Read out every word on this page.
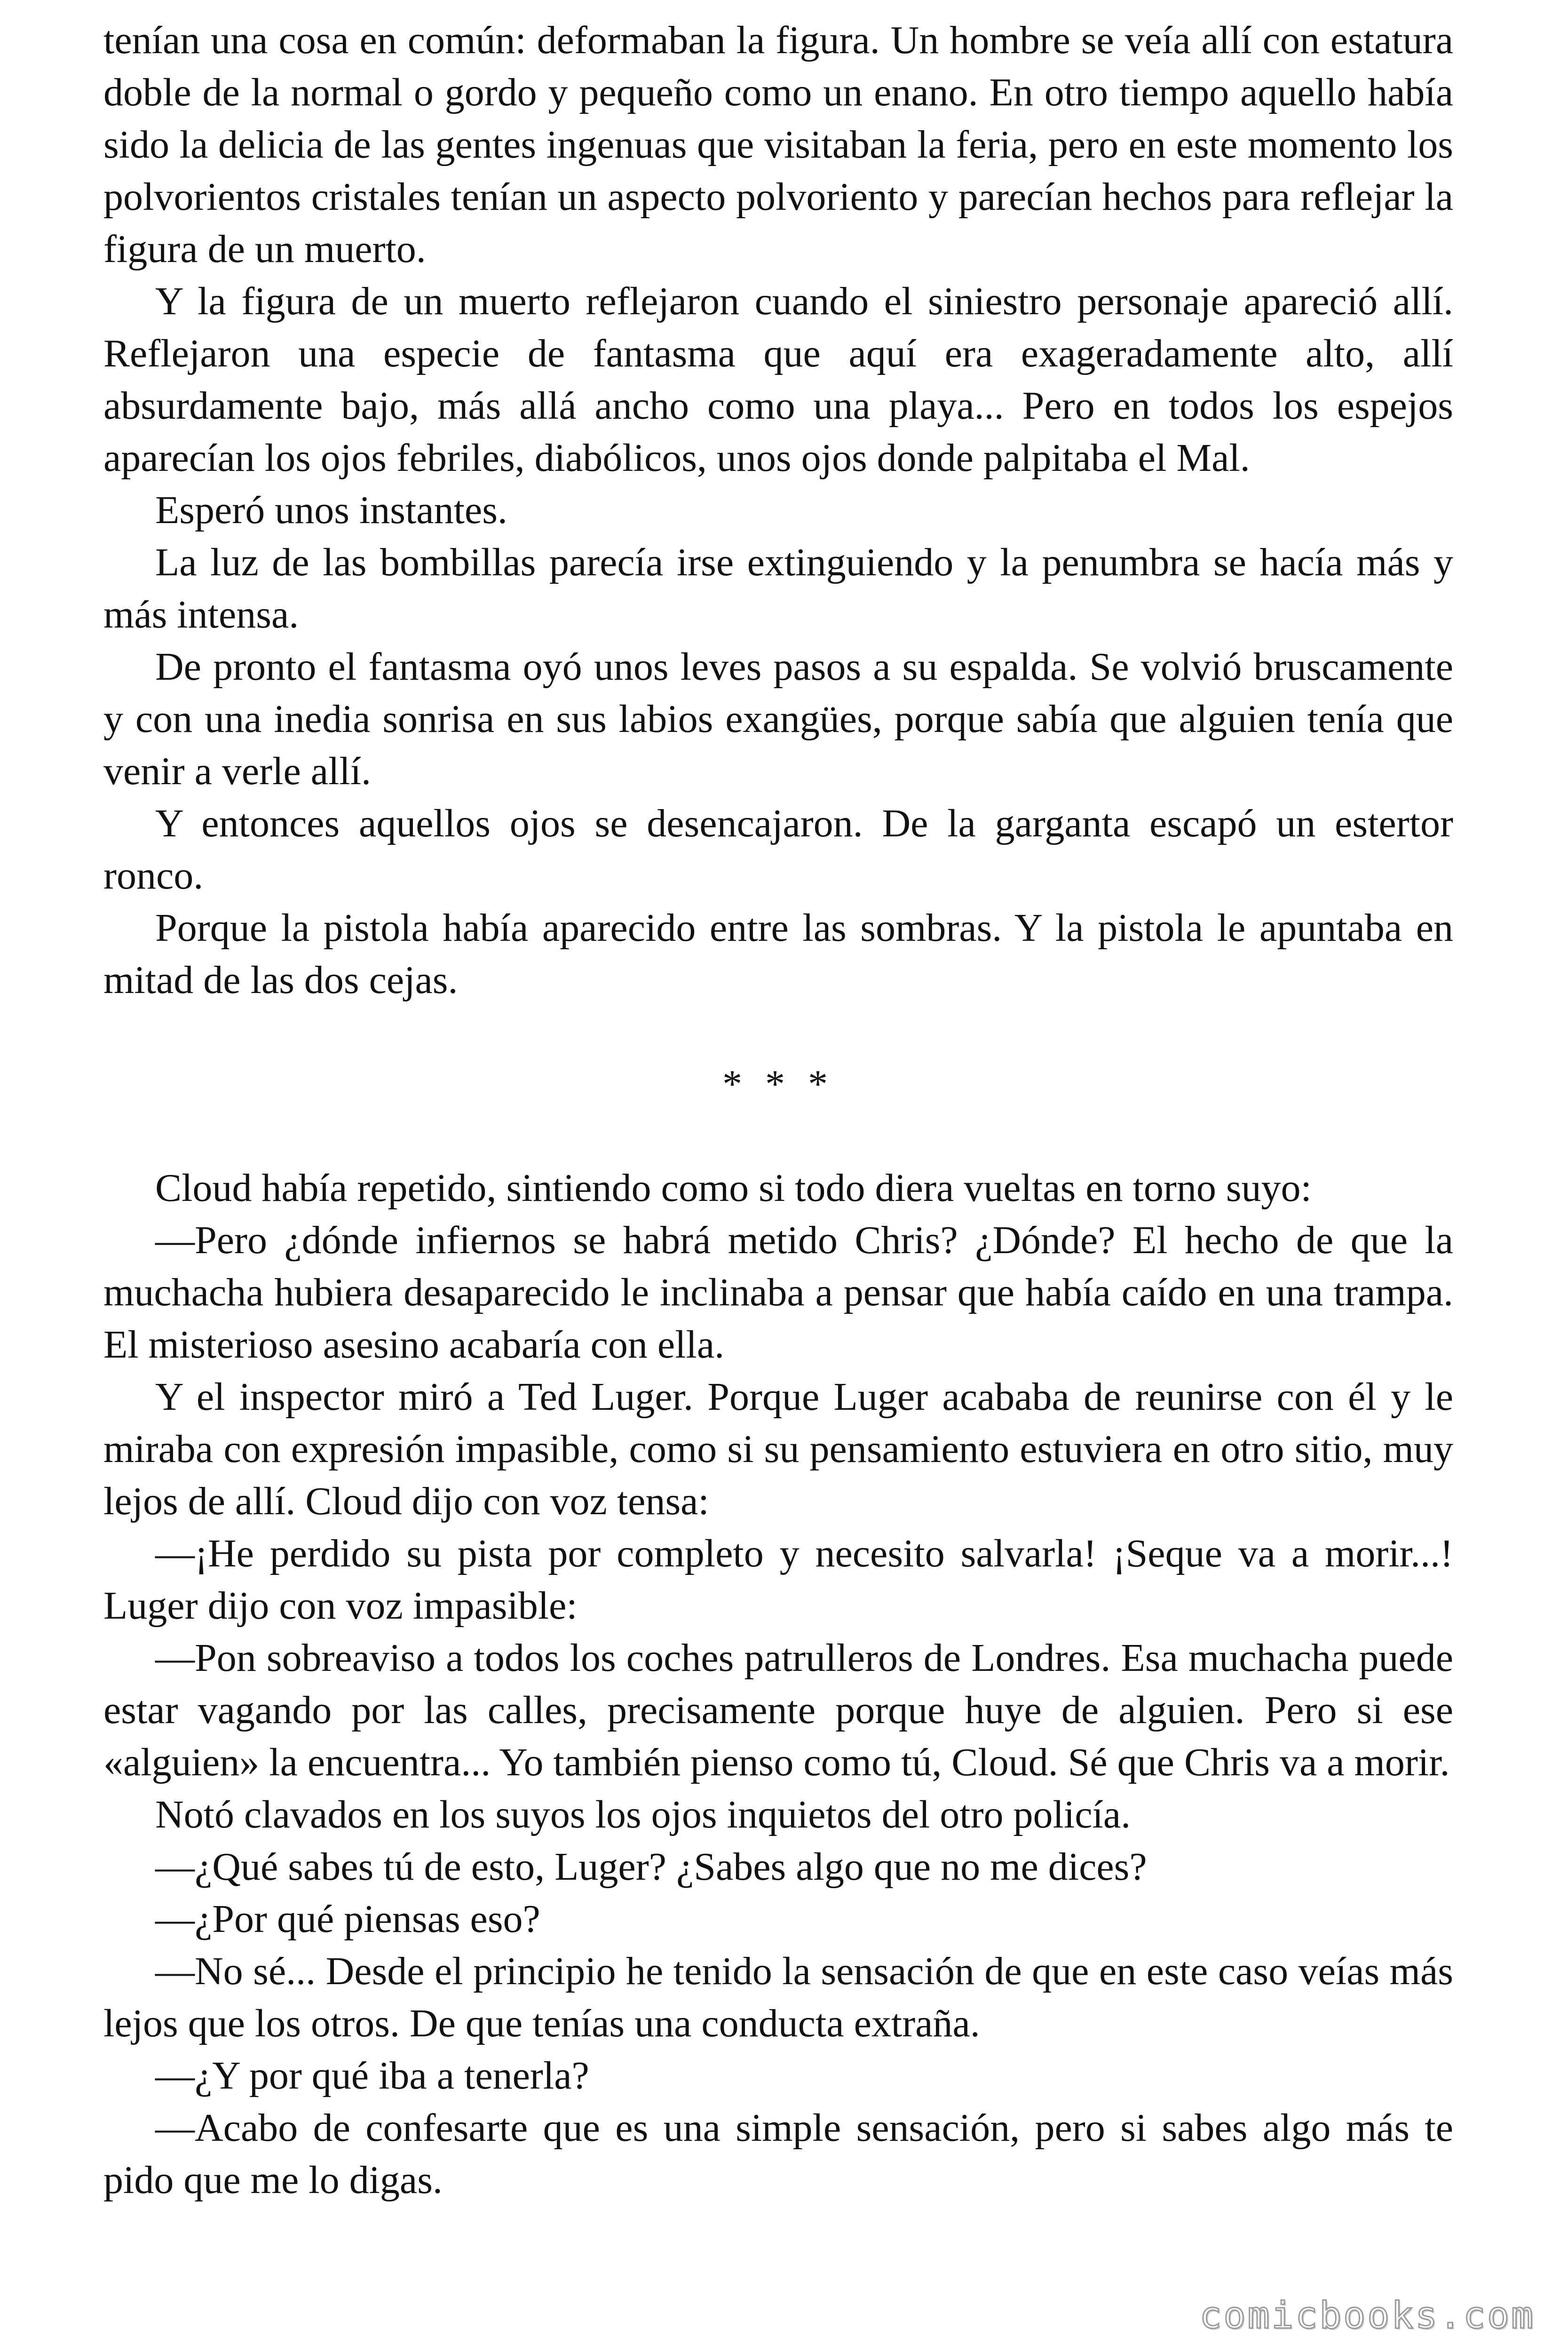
tenían una cosa en común: deformaban la figura. Un hombre se veía allí con estatura doble de la normal o gordo y pequeño como un enano. En otro tiempo aquello había sido la delicia de las gentes ingenuas que visitaban la feria, pero en este momento los polvorientos cristales tenían un aspecto polvoriento y parecían hechos para reflejar la figura de un muerto.

Y la figura de un muerto reflejaron cuando el siniestro personaje apareció allí. Reflejaron una especie de fantasma que aquí era exageradamente alto, allí absurdamente bajo, más allá ancho como una playa... Pero en todos los espejos aparecían los ojos febriles, diabólicos, unos ojos donde palpitaba el Mal.

Esperó unos instantes.

La luz de las bombillas parecía irse extinguiendo y la penumbra se hacía más y más intensa.

De pronto el fantasma oyó unos leves pasos a su espalda. Se volvió bruscamente y con una inedia sonrisa en sus labios exangües, porque sabía que alguien tenía que venir a verle allí.

Y entonces aquellos ojos se desencajaron. De la garganta escapó un estertor ronco.

Porque la pistola había aparecido entre las sombras. Y la pistola le apuntaba en mitad de las dos cejas.

* * *

Cloud había repetido, sintiendo como si todo diera vueltas en torno suyo:

—Pero ¿dónde infiernos se habrá metido Chris? ¿Dónde? El hecho de que la muchacha hubiera desaparecido le inclinaba a pensar que había caído en una trampa. El misterioso asesino acabaría con ella.

Y el inspector miró a Ted Luger. Porque Luger acababa de reunirse con él y le miraba con expresión impasible, como si su pensamiento estuviera en otro sitio, muy lejos de allí. Cloud dijo con voz tensa:

—¡He perdido su pista por completo y necesito salvarla! ¡Seque va a morir...! Luger dijo con voz impasible:

—Pon sobreaviso a todos los coches patrulleros de Londres. Esa muchacha puede estar vagando por las calles, precisamente porque huye de alguien. Pero si ese «alguien» la encuentra... Yo también pienso como tú, Cloud. Sé que Chris va a morir.

Notó clavados en los suyos los ojos inquietos del otro policía.

—¿Qué sabes tú de esto, Luger? ¿Sabes algo que no me dices?

—¿Por qué piensas eso?

—No sé... Desde el principio he tenido la sensación de que en este caso veías más lejos que los otros. De que tenías una conducta extraña.

—¿Y por qué iba a tenerla?

—Acabo de confesarte que es una simple sensación, pero si sabes algo más te pido que me lo digas.

comicbooks.com
